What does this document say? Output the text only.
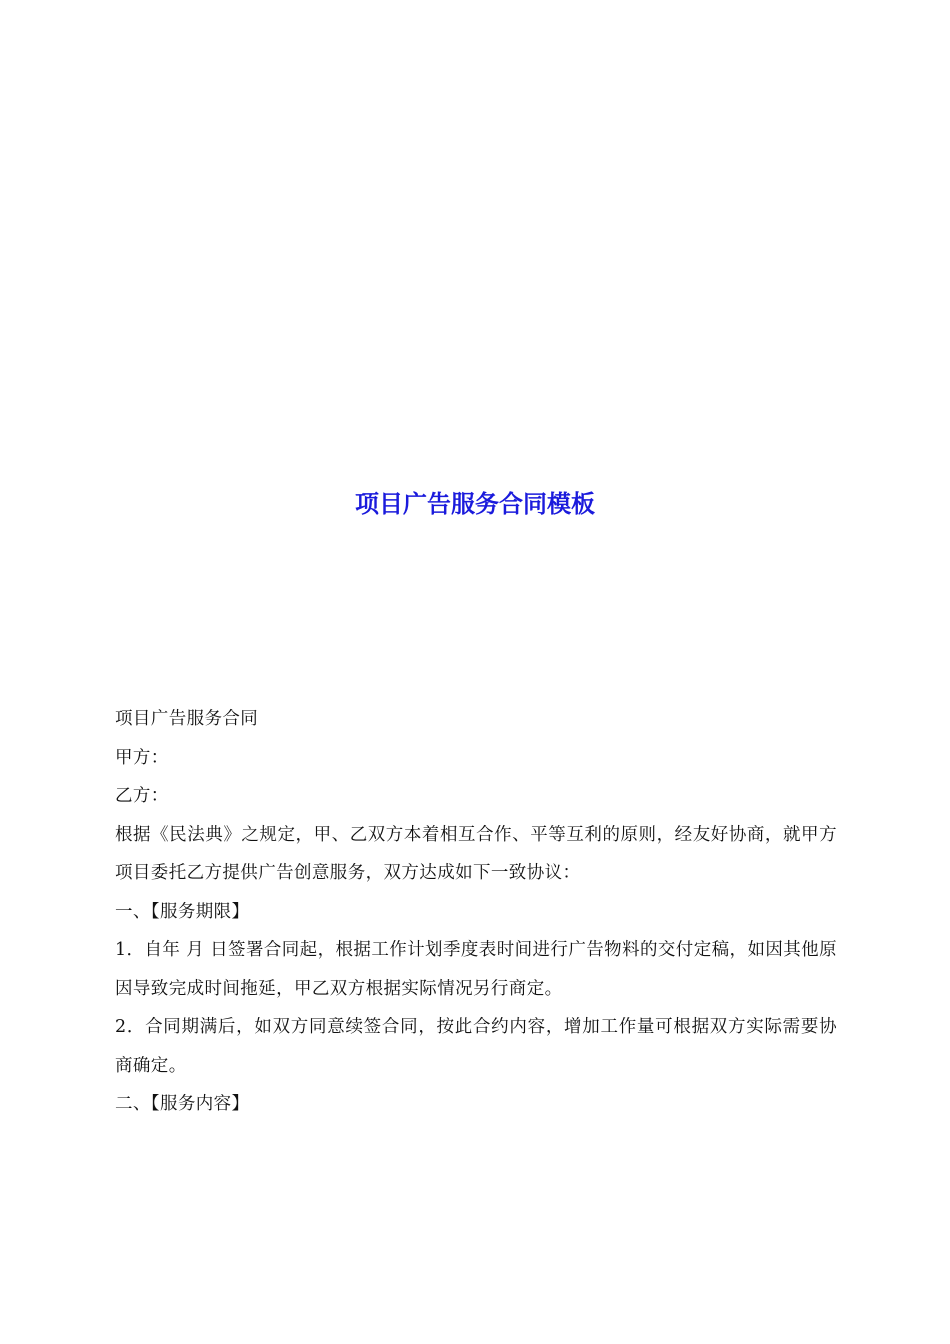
项目广告服务合同模板

项目广告服务合同

甲方：

乙方：

根据《民法典》之规定，甲、乙双方本着相互合作、平等互利的原则，经友好协商，就甲方项目委托乙方提供广告创意服务，双方达成如下一致协议：

一、【服务期限】

1．自年 月 日签署合同起，根据工作计划季度表时间进行广告物料的交付定稿，如因其他原因导致完成时间拖延，甲乙双方根据实际情况另行商定。

2．合同期满后，如双方同意续签合同，按此合约内容，增加工作量可根据双方实际需要协商确定。

二、【服务内容】
